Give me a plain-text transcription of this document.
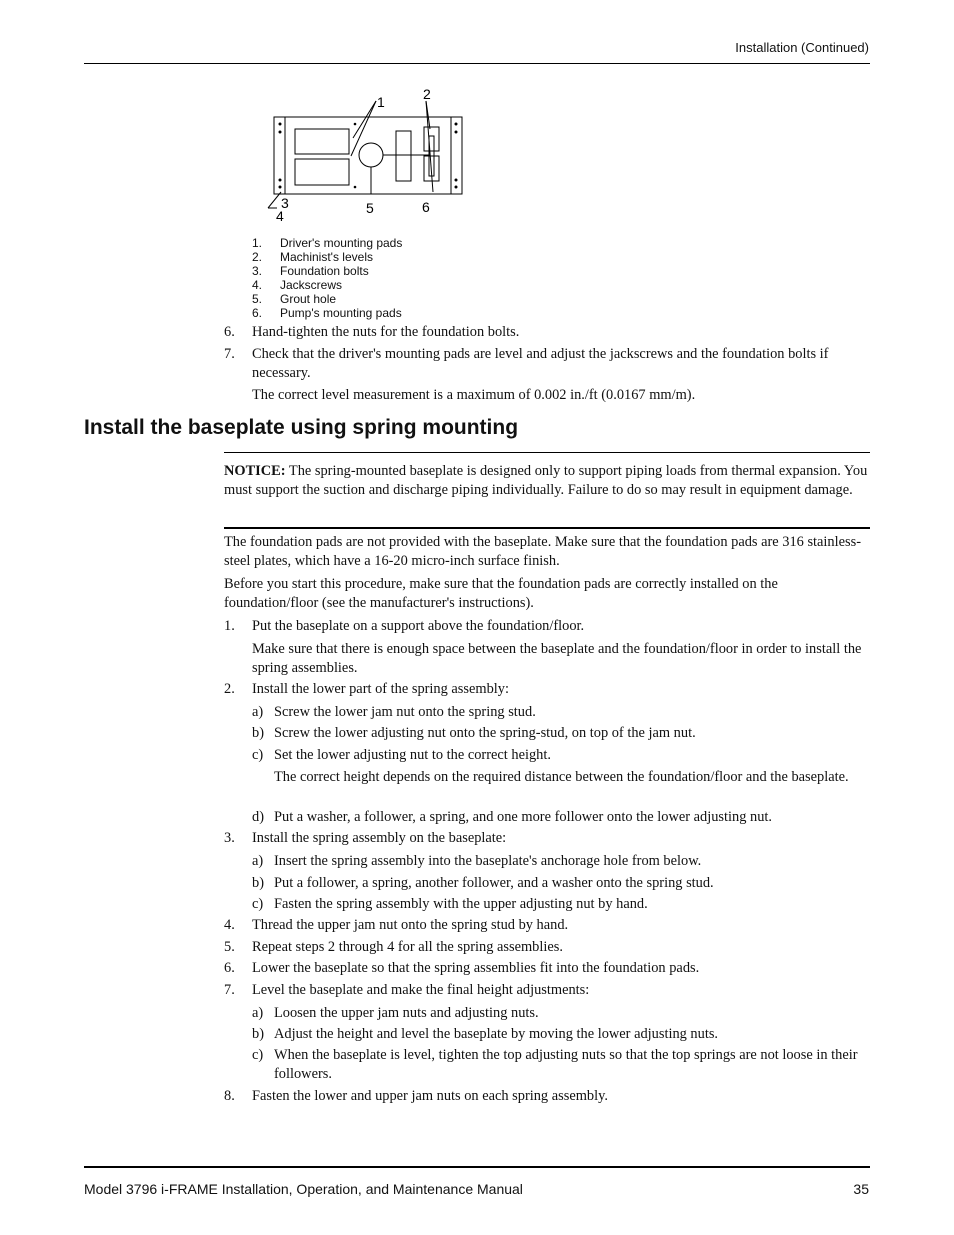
Installation (Continued)
1	2
3
4	5	6
1.	Driver's mounting pads
2.	Machinist's levels
3.	Foundation bolts
4.	Jackscrews
5.	Grout hole
6.	Pump's mounting pads
6.	Hand-tighten the nuts for the foundation bolts.
7.	Check that the driver's mounting pads are level and adjust the jackscrews and the foundation bolts if necessary.
The correct level measurement is a maximum of 0.002 in./ft (0.0167 mm/m).
Install the baseplate using spring mounting
NOTICE: The spring-mounted baseplate is designed only to support piping loads from thermal expansion. You must support the suction and discharge piping individually. Failure to do so may result in equipment damage.
The foundation pads are not provided with the baseplate. Make sure that the foundation pads are 316 stainless-steel plates, which have a 16-20 micro-inch surface finish.
Before you start this procedure, make sure that the foundation pads are correctly installed on the foundation/floor (see the manufacturer's instructions).
1.	Put the baseplate on a support above the foundation/floor.
Make sure that there is enough space between the baseplate and the foundation/floor in order to install the spring assemblies.
2.	Install the lower part of the spring assembly:
a) Screw the lower jam nut onto the spring stud.
b) Screw the lower adjusting nut onto the spring-stud, on top of the jam nut.
c) Set the lower adjusting nut to the correct height.
The correct height depends on the required distance between the foundation/floor and the baseplate.
d) Put a washer, a follower, a spring, and one more follower onto the lower adjusting nut.
3.	Install the spring assembly on the baseplate:
a) Insert the spring assembly into the baseplate's anchorage hole from below.
b) Put a follower, a spring, another follower, and a washer onto the spring stud.
c) Fasten the spring assembly with the upper adjusting nut by hand.
4.	Thread the upper jam nut onto the spring stud by hand.
5.	Repeat steps 2 through 4 for all the spring assemblies.
6.	Lower the baseplate so that the spring assemblies fit into the foundation pads.
7.	Level the baseplate and make the final height adjustments:
a) Loosen the upper jam nuts and adjusting nuts.
b) Adjust the height and level the baseplate by moving the lower adjusting nuts.
c) When the baseplate is level, tighten the top adjusting nuts so that the top springs are not loose in their followers.
8.	Fasten the lower and upper jam nuts on each spring assembly.
Model 3796 i-FRAME Installation, Operation, and Maintenance Manual	35
